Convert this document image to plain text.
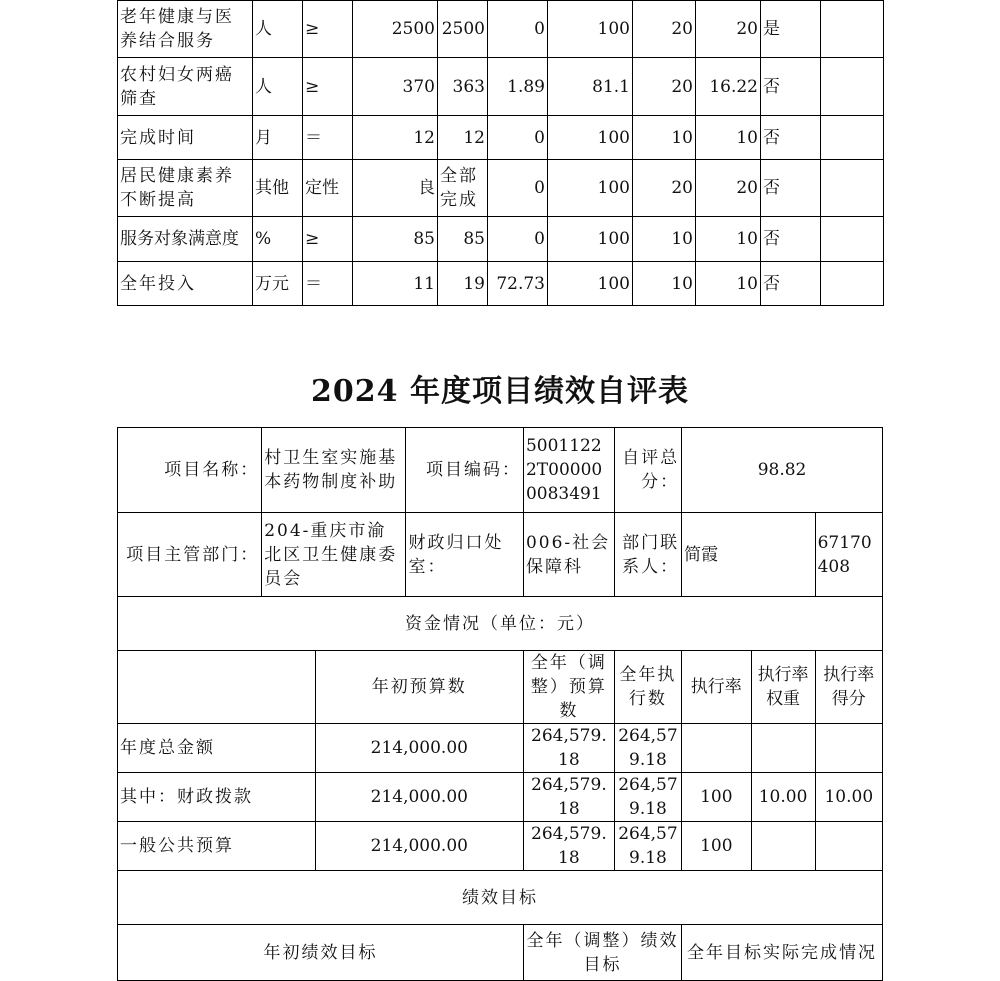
老年健康与医养结合服务	人	≥	2500	2500	0	100	20	20	是	
农村妇女两癌筛查	人	≥	370	363	1.89	81.1	20	16.22	否	
完成时间	月	＝	12	12	0	100	10	10	否	
居民健康素养不断提高	其他	定性	良	全部完成	0	100	20	20	否	
服务对象满意度	%	≥	85	85	0	100	10	10	否	
全年投入	万元	＝	11	19	72.73	100	10	10	否	
2024 年度项目绩效自评表
项目名称：	村卫生室实施基本药物制度补助		项目编码：	50011222T000000083491	自评总分：	98.82		
项目主管部门：	204-重庆市渝北区卫生健康委员会		财政归口处室：	006-社会保障科	部门联系人：	简霞		67170408
资金情况（单位：元）								
		年初预算数		全年（调整）预算数	全年执行数	执行率	执行率权重	执行率得分
年度总金额		214,000.00		264,579.18	264,579.18			
其中：财政拨款		214,000.00		264,579.18	264,579.18	100	10.00	10.00
一般公共预算		214,000.00		264,579.18	264,579.18	100		
绩效目标								
年初绩效目标				全年（调整）绩效目标		全年目标实际完成情况		
